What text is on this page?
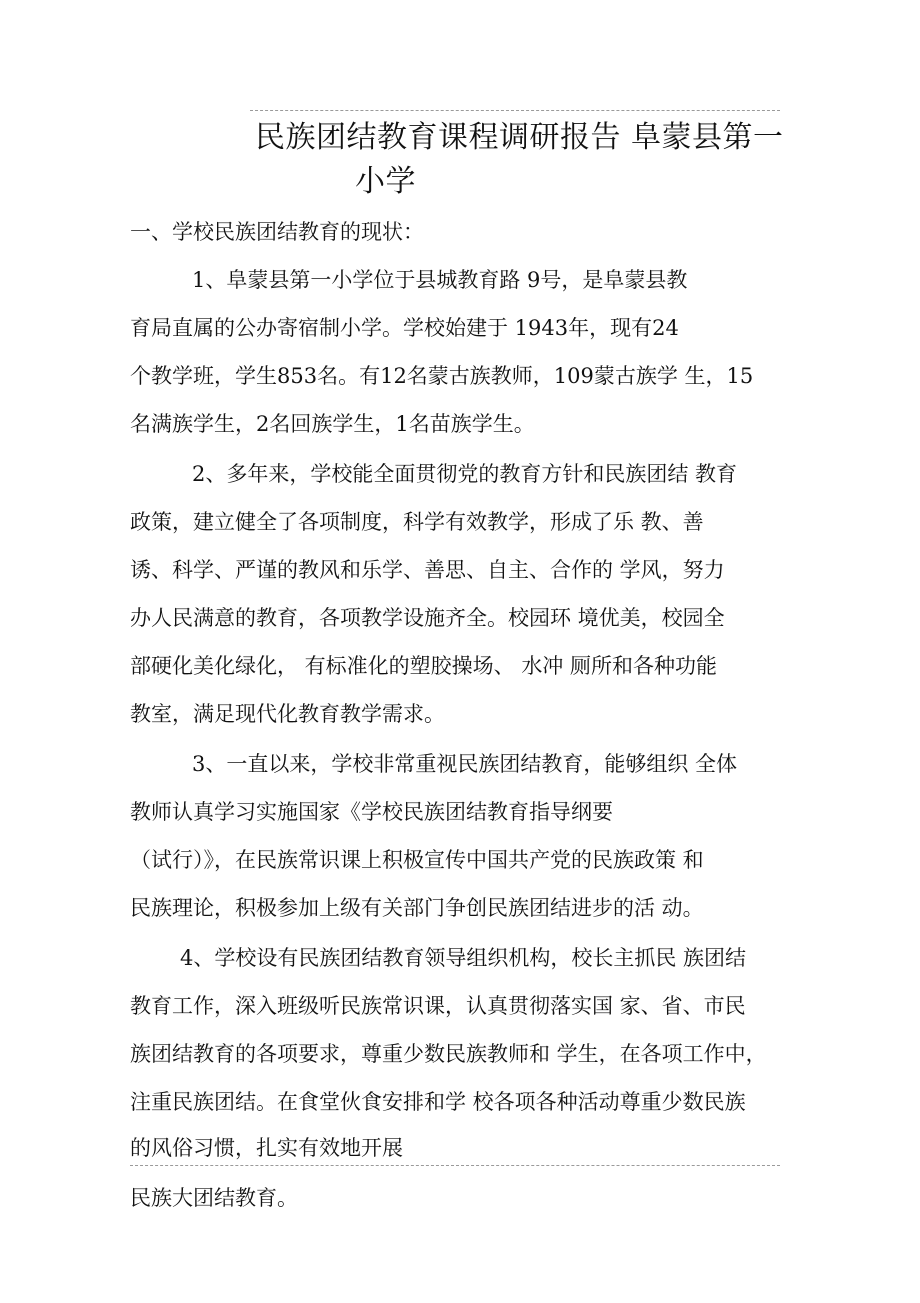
民族团结教育课程调研报告 阜蒙县第一
小学
一、学校民族团结教育的现状：
1、阜蒙县第一小学位于县城教育路 9号，是阜蒙县教
育局直属的公办寄宿制小学。学校始建于 1943年，现有24
个教学班，学生853名。有12名蒙古族教师，109蒙古族学 生，15
名满族学生，2名回族学生，1名苗族学生。
2、多年来，学校能全面贯彻党的教育方针和民族团结 教育
政策，建立健全了各项制度，科学有效教学，形成了乐 教、善
诱、科学、严谨的教风和乐学、善思、自主、合作的 学风，努力
办人民满意的教育，各项教学设施齐全。校园环 境优美，校园全
部硬化美化绿化， 有标准化的塑胶操场、 水冲 厕所和各种功能
教室，满足现代化教育教学需求。
3、一直以来，学校非常重视民族团结教育，能够组织 全体
教师认真学习实施国家《学校民族团结教育指导纲要
（试行）》，在民族常识课上积极宣传中国共产党的民族政策 和
民族理论，积极参加上级有关部门争创民族团结进步的活 动。
4、学校设有民族团结教育领导组织机构，校长主抓民 族团结
教育工作，深入班级听民族常识课，认真贯彻落实国 家、省、市民
族团结教育的各项要求，尊重少数民族教师和 学生，在各项工作中，
注重民族团结。在食堂伙食安排和学 校各项各种活动尊重少数民族
的风俗习惯，扎实有效地开展
民族大团结教育。
